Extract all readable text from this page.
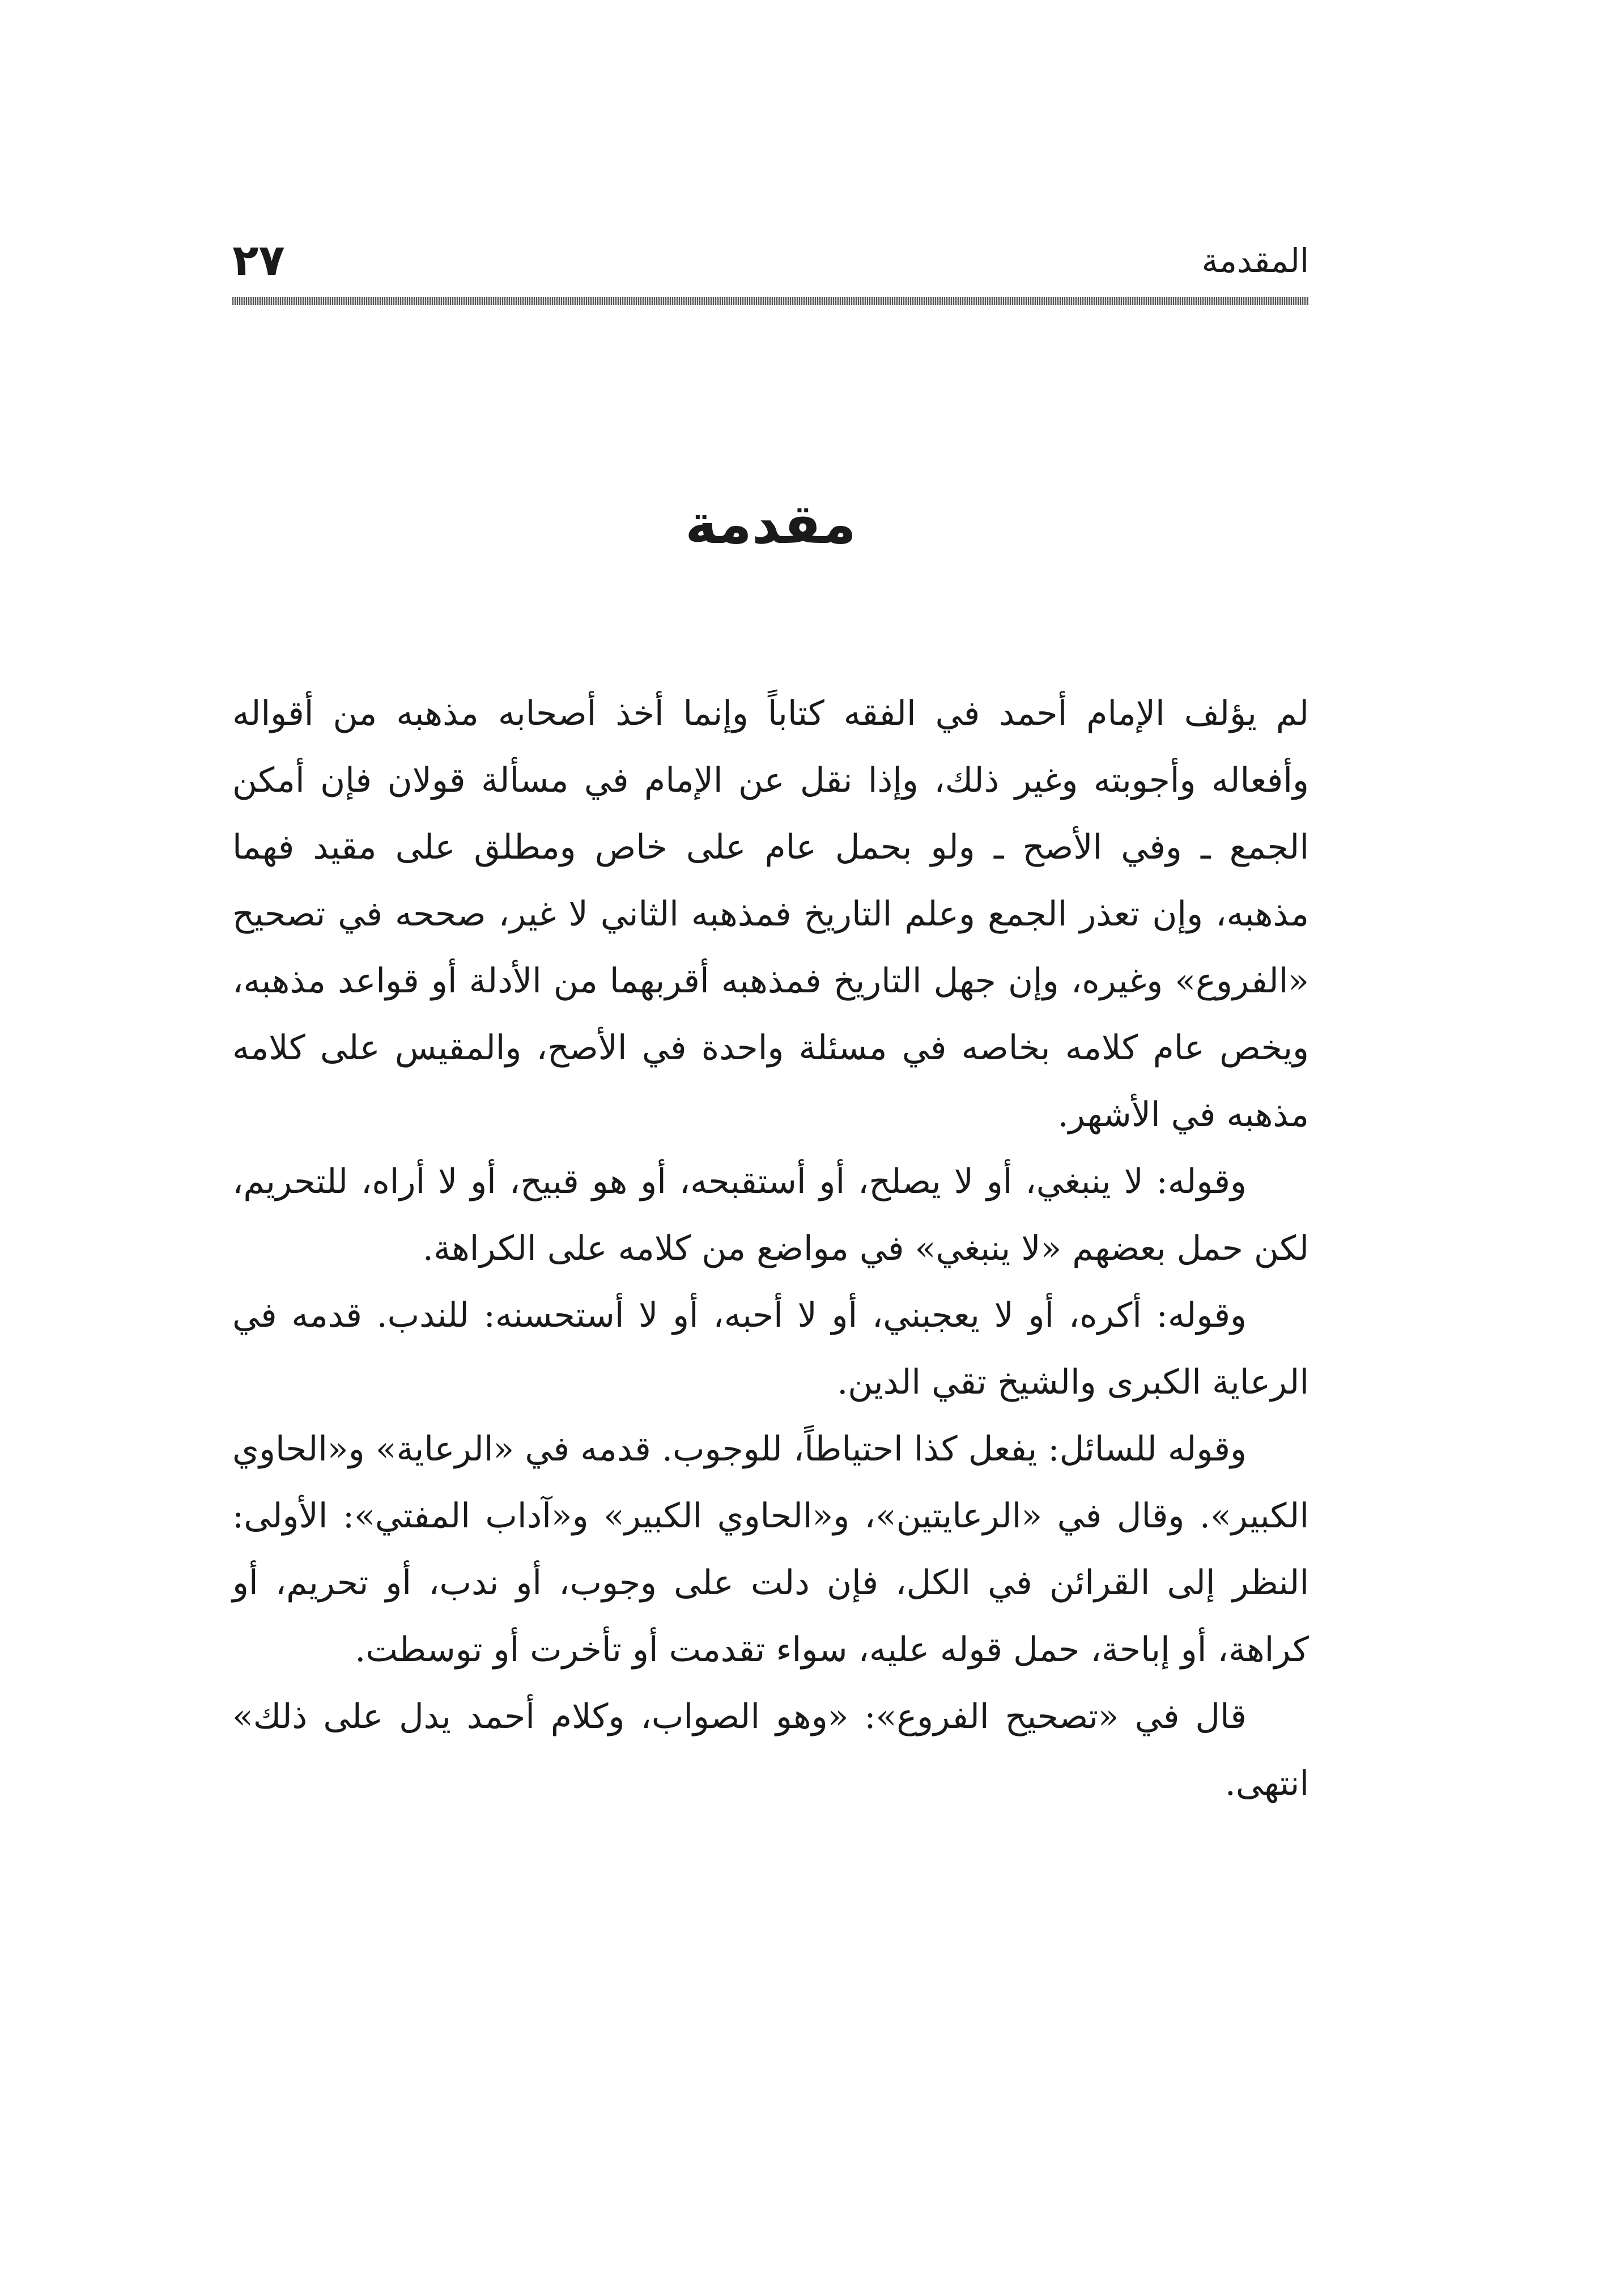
المقدمة
٢٧
مقدمة

لم يؤلف الإمام أحمد في الفقه كتاباً وإنما أخذ أصحابه مذهبه من أقواله وأفعاله وأجوبته وغير ذلك، وإذا نقل عن الإمام في مسألة قولان فإن أمكن الجمع ـ وفي الأصح ـ ولو بحمل عام على خاص ومطلق على مقيد فهما مذهبه، وإن تعذر الجمع وعلم التاريخ فمذهبه الثاني لا غير، صححه في تصحيح «الفروع» وغيره، وإن جهل التاريخ فمذهبه أقربهما من الأدلة أو قواعد مذهبه، ويخص عام كلامه بخاصه في مسئلة واحدة في الأصح، والمقيس على كلامه مذهبه في الأشهر.

وقوله: لا ينبغي، أو لا يصلح، أو أستقبحه، أو هو قبيح، أو لا أراه، للتحريم، لكن حمل بعضهم «لا ينبغي» في مواضع من كلامه على الكراهة.

وقوله: أكره، أو لا يعجبني، أو لا أحبه، أو لا أستحسنه: للندب. قدمه في الرعاية الكبرى والشيخ تقي الدين.

وقوله للسائل: يفعل كذا احتياطاً، للوجوب. قدمه في «الرعاية» و«الحاوي الكبير». وقال في «الرعايتين»، و«الحاوي الكبير» و«آداب المفتي»: الأولى: النظر إلى القرائن في الكل، فإن دلت على وجوب، أو ندب، أو تحريم، أو كراهة، أو إباحة، حمل قوله عليه، سواء تقدمت أو تأخرت أو توسطت.

قال في «تصحيح الفروع»: «وهو الصواب، وكلام أحمد يدل على ذلك» انتهى.
